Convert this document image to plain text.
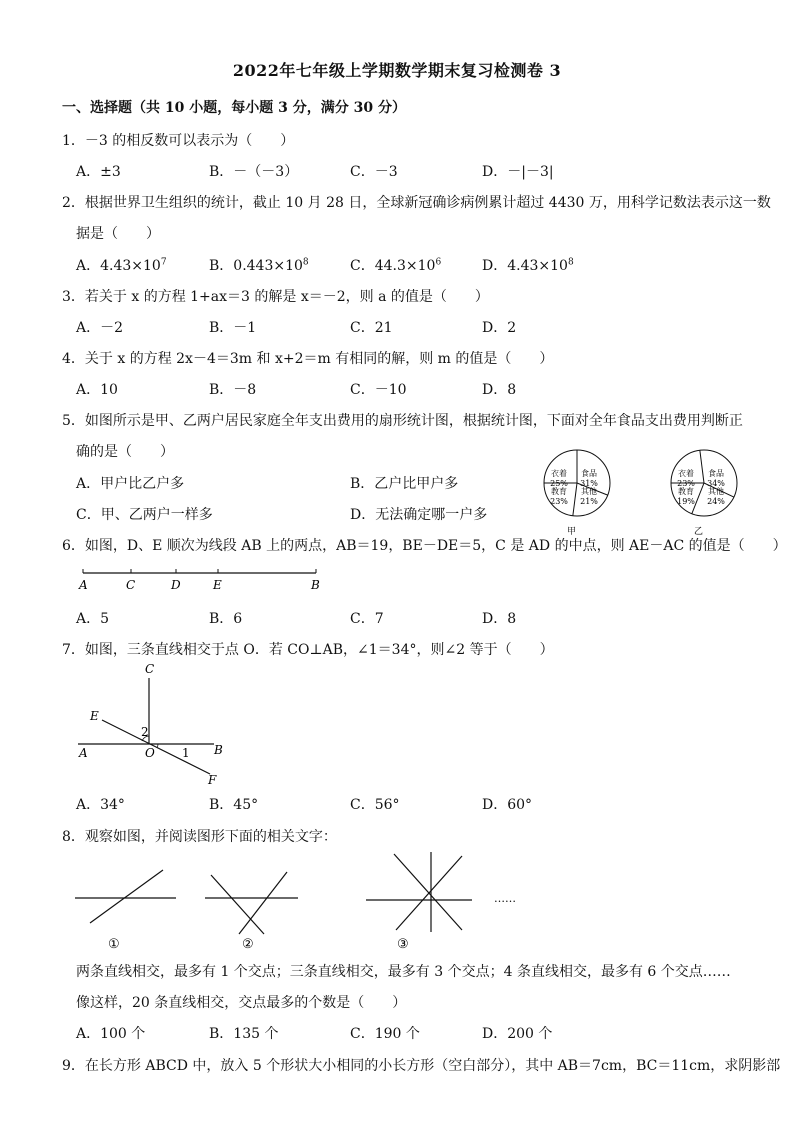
2022年七年级上学期数学期末复习检测卷 3
一、选择题（共 10 小题，每小题 3 分，满分 30 分）
1．－3 的相反数可以表示为（　　）
A．±3	B．－（－3）	C．－3	D．－|－3|
2．根据世界卫生组织的统计，截止 10 月 28 日，全球新冠确诊病例累计超过 4430 万，用科学记数法表示这一数
据是（　　）
A．$4.43\times 10^7$	B．$0.443\times 10^8$	C．$44.3\times 10^6$	D．$4.43\times 10^8$
3．若关于 x 的方程 1+ax＝3 的解是 x＝－2，则 a 的值是（　　）
A．－2	B．－1	C．21	D．2
4．关于 x 的方程 2x－4＝3m 和 x+2＝m 有相同的解，则 m 的值是（　　）
A．10	B．－8	C．－10	D．8
5．如图所示是甲、乙两户居民家庭全年支出费用的扇形统计图，根据统计图，下面对全年食品支出费用判断正
确的是（　　）
A．甲户比乙户多	B．乙户比甲户多
C．甲、乙两户一样多	D．无法确定哪一户多
衣着
25%
食品
31%
其他
21%
教育
23%
衣着
23%
食品
34%
其他
24%
教育
19%
甲	乙
6．如图，D、E 顺次为线段 AB 上的两点，AB＝19，BE－DE＝5，C 是 AD 的中点，则 AE－AC 的值是（　　）
A	C	D	E	B
A．5	B．6	C．7	D．8
7．如图，三条直线相交于点 O．若 CO⊥AB，∠1＝34°，则∠2 等于（　　）
C
E
A	O	B
F
1
2
A．34°	B．45°	C．56°	D．60°
8．观察如图，并阅读图形下面的相关文字：
……
①	②	③
两条直线相交，最多有 1 个交点；三条直线相交，最多有 3 个交点；4 条直线相交，最多有 6 个交点……
像这样，20 条直线相交，交点最多的个数是（　　）
A．100 个	B．135 个	C．190 个	D．200 个
9．在长方形 ABCD 中，放入 5 个形状大小相同的小长方形（空白部分），其中 AB＝7cm，BC＝11cm，求阴影部
